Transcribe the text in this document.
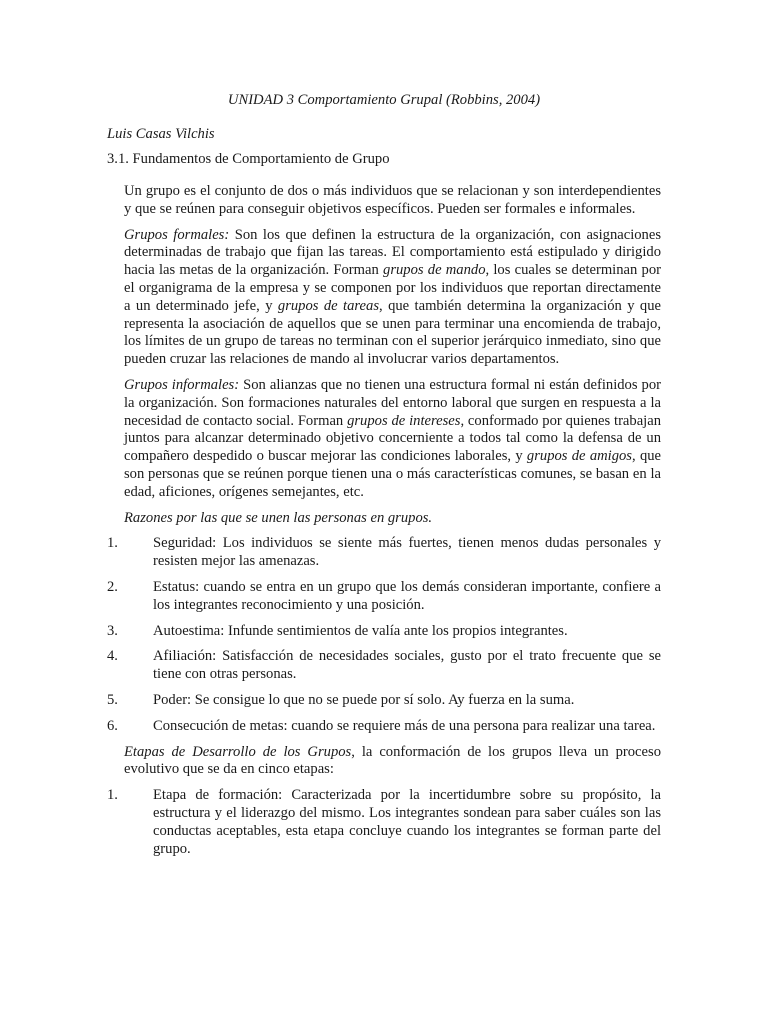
UNIDAD 3 Comportamiento Grupal (Robbins, 2004)
Luis Casas Vilchis
3.1. Fundamentos de Comportamiento de Grupo

Un grupo es el conjunto de dos o más individuos que se relacionan y son interdependientes y que se reúnen para conseguir objetivos específicos. Pueden ser formales e informales.

Grupos formales: Son los que definen la estructura de la organización, con asignaciones determinadas de trabajo que fijan las tareas. El comportamiento está estipulado y dirigido hacia las metas de la organización. Forman grupos de mando, los cuales se determinan por el organigrama de la empresa y se componen por los individuos que reportan directamente a un determinado jefe, y grupos de tareas, que también determina la organización y que representa la asociación de aquellos que se unen para terminar una encomienda de trabajo, los límites de un grupo de tareas no terminan con el superior jerárquico inmediato, sino que pueden cruzar las relaciones de mando al involucrar varios departamentos.

Grupos informales: Son alianzas que no tienen una estructura formal ni están definidos por la organización. Son formaciones naturales del entorno laboral que surgen en respuesta a la necesidad de contacto social. Forman grupos de intereses, conformado por quienes trabajan juntos para alcanzar determinado objetivo concerniente a todos tal como la defensa de un compañero despedido o buscar mejorar las condiciones laborales, y grupos de amigos, que son personas que se reúnen porque tienen una o más características comunes, se basan en la edad, aficiones, orígenes semejantes, etc.

Razones por las que se unen las personas en grupos.

1. Seguridad: Los individuos se siente más fuertes, tienen menos dudas personales y resisten mejor las amenazas.
2. Estatus: cuando se entra en un grupo que los demás consideran importante, confiere a los integrantes reconocimiento y una posición.
3. Autoestima: Infunde sentimientos de valía ante los propios integrantes.
4. Afiliación: Satisfacción de necesidades sociales, gusto por el trato frecuente que se tiene con otras personas.
5. Poder: Se consigue lo que no se puede por sí solo. Ay fuerza en la suma.
6. Consecución de metas: cuando se requiere más de una persona para realizar una tarea.

Etapas de Desarrollo de los Grupos, la conformación de los grupos lleva un proceso evolutivo que se da en cinco etapas:

1. Etapa de formación: Caracterizada por la incertidumbre sobre su propósito, la estructura y el liderazgo del mismo. Los integrantes sondean para saber cuáles son las conductas aceptables, esta etapa concluye cuando los integrantes se forman parte del grupo.
